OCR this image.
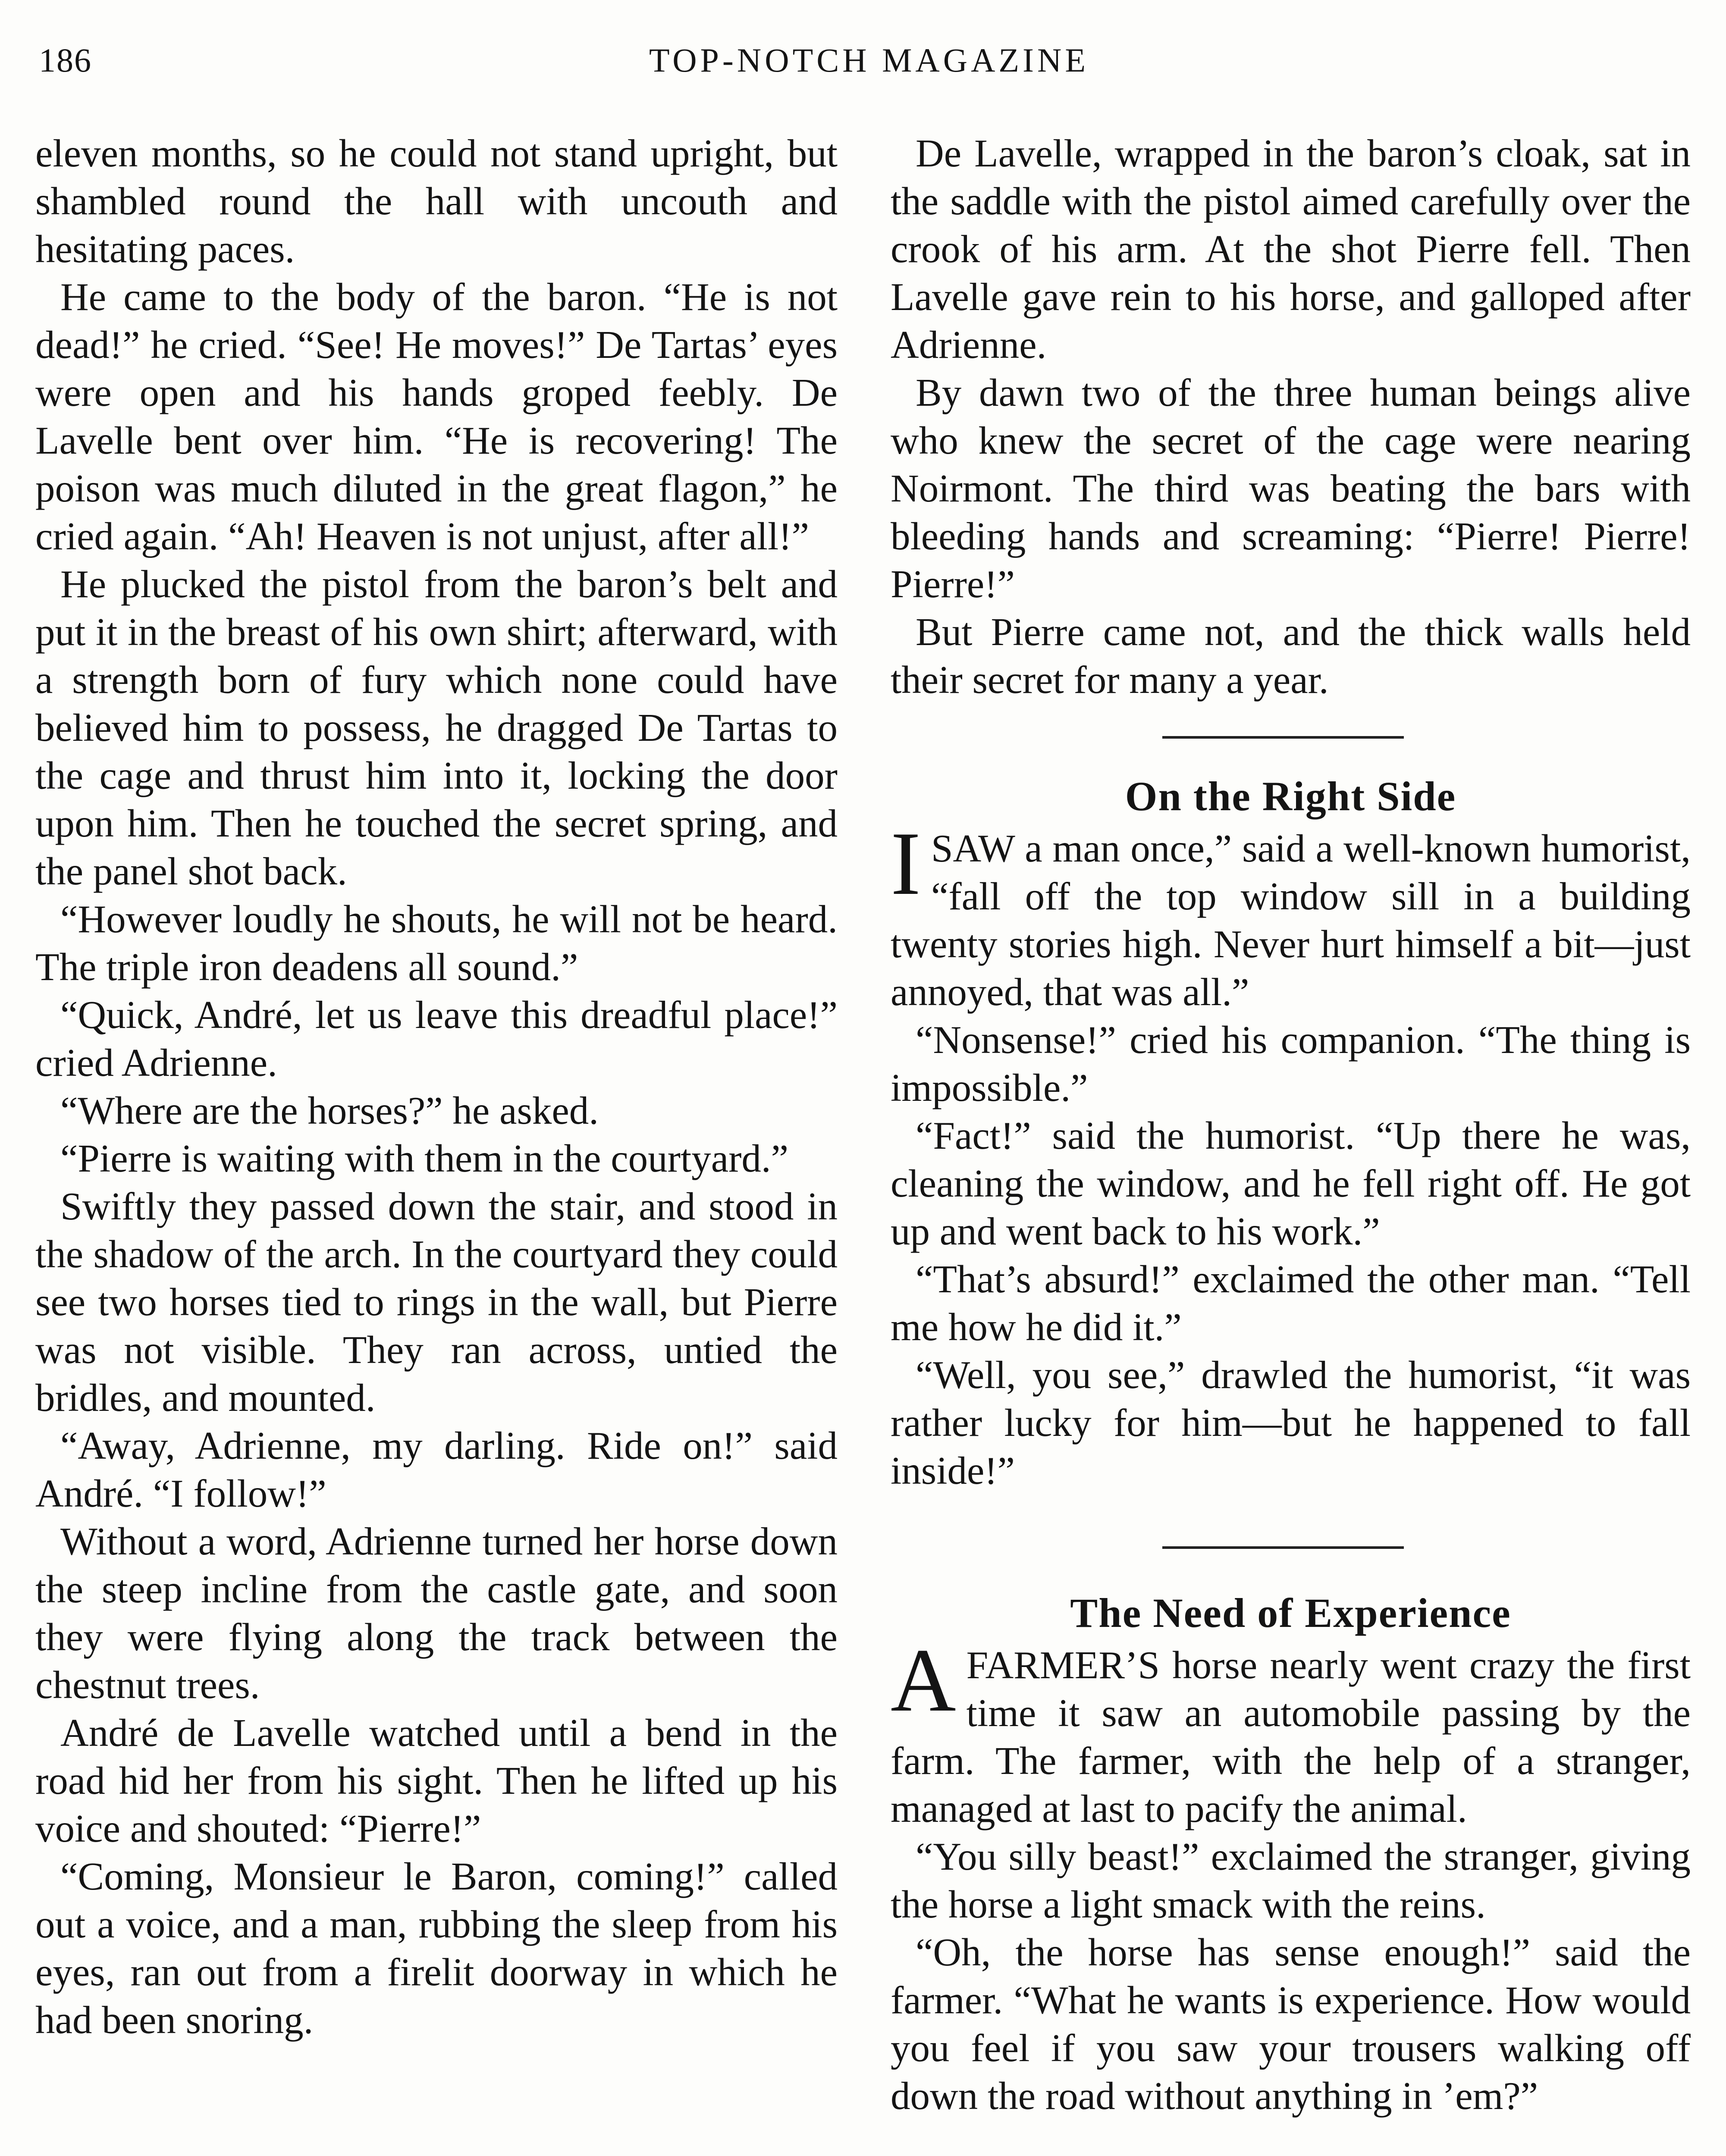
186	TOP-NOTCH MAGAZINE

eleven months, so he could not stand upright, but shambled round the hall with uncouth and hesitating paces.

He came to the body of the baron. “He is not dead!” he cried. “See! He moves!” De Tartas’ eyes were open and his hands groped feebly. De Lavelle bent over him. “He is recovering! The poison was much diluted in the great flagon,” he cried again. “Ah! Heaven is not unjust, after all!”

He plucked the pistol from the baron’s belt and put it in the breast of his own shirt; afterward, with a strength born of fury which none could have believed him to possess, he dragged De Tartas to the cage and thrust him into it, locking the door upon him. Then he touched the secret spring, and the panel shot back.

“However loudly he shouts, he will not be heard. The triple iron deadens all sound.”

“Quick, André, let us leave this dreadful place!” cried Adrienne.

“Where are the horses?” he asked.

“Pierre is waiting with them in the courtyard.”

Swiftly they passed down the stair, and stood in the shadow of the arch. In the courtyard they could see two horses tied to rings in the wall, but Pierre was not visible. They ran across, untied the bridles, and mounted.

“Away, Adrienne, my darling. Ride on!” said André. “I follow!”

Without a word, Adrienne turned her horse down the steep incline from the castle gate, and soon they were flying along the track between the chestnut trees.

André de Lavelle watched until a bend in the road hid her from his sight. Then he lifted up his voice and shouted: “Pierre!”

“Coming, Monsieur le Baron, coming!” called out a voice, and a man, rubbing the sleep from his eyes, ran out from a firelit doorway in which he had been snoring.

De Lavelle, wrapped in the baron’s cloak, sat in the saddle with the pistol aimed carefully over the crook of his arm. At the shot Pierre fell. Then Lavelle gave rein to his horse, and galloped after Adrienne.

By dawn two of the three human beings alive who knew the secret of the cage were nearing Noirmont. The third was beating the bars with bleeding hands and screaming: “Pierre! Pierre! Pierre!”

But Pierre came not, and the thick walls held their secret for many a year.

On the Right Side

I SAW a man once,” said a well-known humorist, “fall off the top window sill in a building twenty stories high. Never hurt himself a bit—just annoyed, that was all.”

“Nonsense!” cried his companion. “The thing is impossible.”

“Fact!” said the humorist. “Up there he was, cleaning the window, and he fell right off. He got up and went back to his work.”

“That’s absurd!” exclaimed the other man. “Tell me how he did it.”

“Well, you see,” drawled the humorist, “it was rather lucky for him—but he happened to fall inside!”

The Need of Experience

A FARMER’S horse nearly went crazy the first time it saw an automobile passing by the farm. The farmer, with the help of a stranger, managed at last to pacify the animal.

“You silly beast!” exclaimed the stranger, giving the horse a light smack with the reins.

“Oh, the horse has sense enough!” said the farmer. “What he wants is experience. How would you feel if you saw your trousers walking off down the road without anything in ’em?”
